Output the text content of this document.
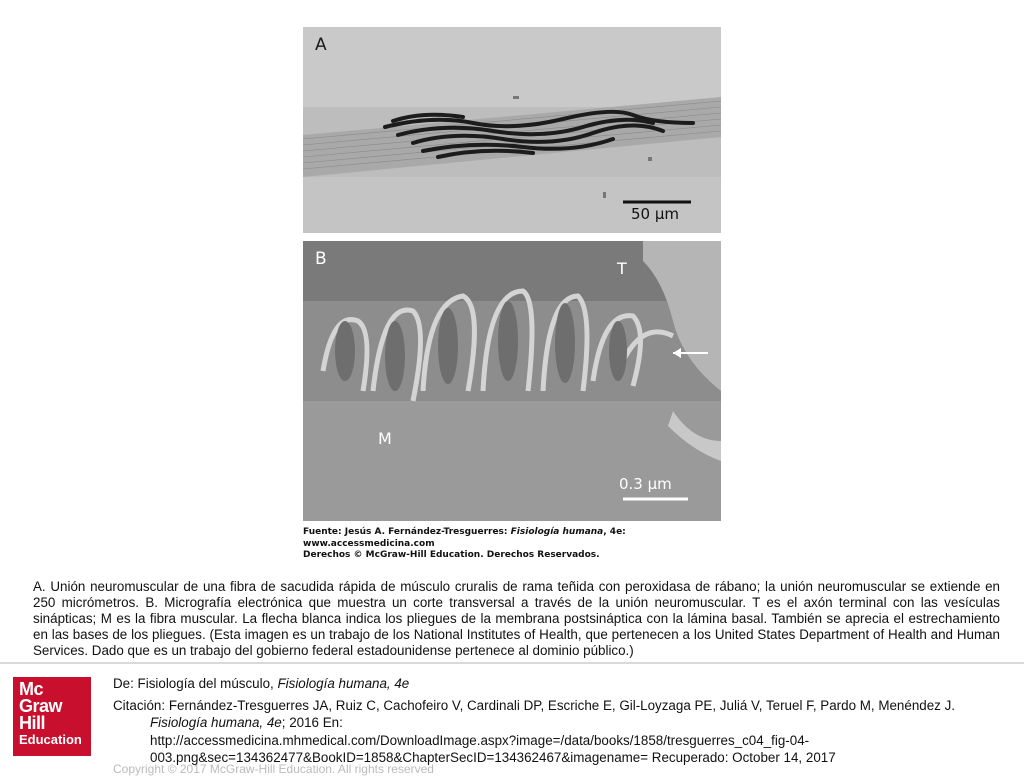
A
50 µm
B	T
M
0.3 µm
Fuente: Jesús A. Fernández-Tresguerres: Fisiología humana, 4e:
www.accessmedicina.com
Derechos © McGraw-Hill Education. Derechos Reservados.
A. Unión neuromuscular de una fibra de sacudida rápida de músculo cruralis de rama teñida con peroxidasa de rábano; la unión neuromuscular se extiende en 250 micrómetros. B. Micrografía electrónica que muestra un corte transversal a través de la unión neuromuscular. T es el axón terminal con las vesículas sinápticas; M es la fibra muscular. La flecha blanca indica los pliegues de la membrana postsináptica con la lámina basal. También se aprecia el estrechamiento en las bases de los pliegues. (Esta imagen es un trabajo de los National Institutes of Health, que pertenecen a los United States Department of Health and Human Services. Dado que es un trabajo del gobierno federal estadounidense pertenece al dominio público.)
Mc
Graw
Hill
Education
De: Fisiología del músculo, Fisiología humana, 4e
Citación: Fernández-Tresguerres JA, Ruiz C, Cachofeiro V, Cardinali DP, Escriche E, Gil-Loyzaga PE, Juliá V, Teruel F, Pardo M, Menéndez J.
Fisiología humana, 4e; 2016 En:
http://accessmedicina.mhmedical.com/DownloadImage.aspx?image=/data/books/1858/tresguerres_c04_fig-04-
003.png&sec=134362477&BookID=1858&ChapterSecID=134362467&imagename= Recuperado: October 14, 2017
Copyright © 2017 McGraw-Hill Education. All rights reserved
